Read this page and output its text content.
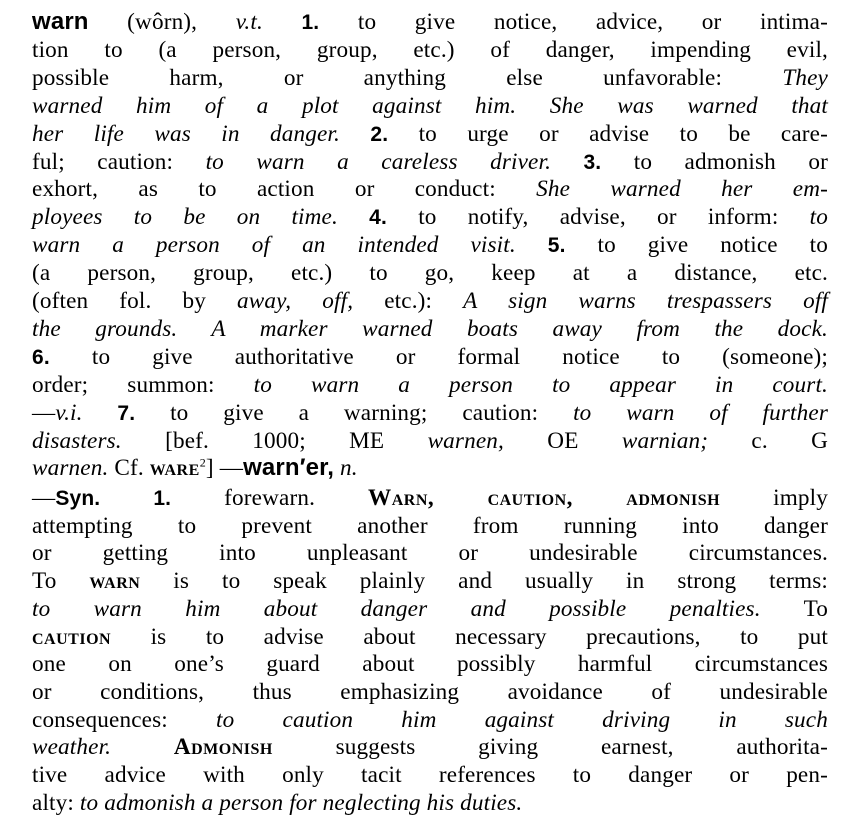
warn (wôrn), v.t. 1. to give notice, advice, or intima-
tion to (a person, group, etc.) of danger, impending evil,
possible harm, or anything else unfavorable: They
warned him of a plot against him. She was warned that
her life was in danger. 2. to urge or advise to be care-
ful; caution: to warn a careless driver. 3. to admonish or
exhort, as to action or conduct: She warned her em-
ployees to be on time. 4. to notify, advise, or inform: to
warn a person of an intended visit. 5. to give notice to
(a person, group, etc.) to go, keep at a distance, etc.
(often fol. by away, off, etc.): A sign warns trespassers off
the grounds. A marker warned boats away from the dock.
6. to give authoritative or formal notice to (someone);
order; summon: to warn a person to appear in court.
—v.i. 7. to give a warning; caution: to warn of further
disasters. [bef. 1000; ME warnen, OE warnian; c. G
warnen. Cf. ware$^2$] —warn′er, n.
—Syn.	1. forewarn. Warn, caution, admonish imply
attempting to prevent another from running into danger
or getting into unpleasant or undesirable circumstances.
To warn is to speak plainly and usually in strong terms:
to warn him about danger and possible penalties. To
caution is to advise about necessary precautions, to put
one on one’s guard about possibly harmful circumstances
or conditions, thus emphasizing avoidance of undesirable
consequences: to caution him against driving in such
weather.	Admonish suggests giving earnest, authorita-
tive advice with only tacit references to danger or pen-
alty: to admonish a person for neglecting his duties.
